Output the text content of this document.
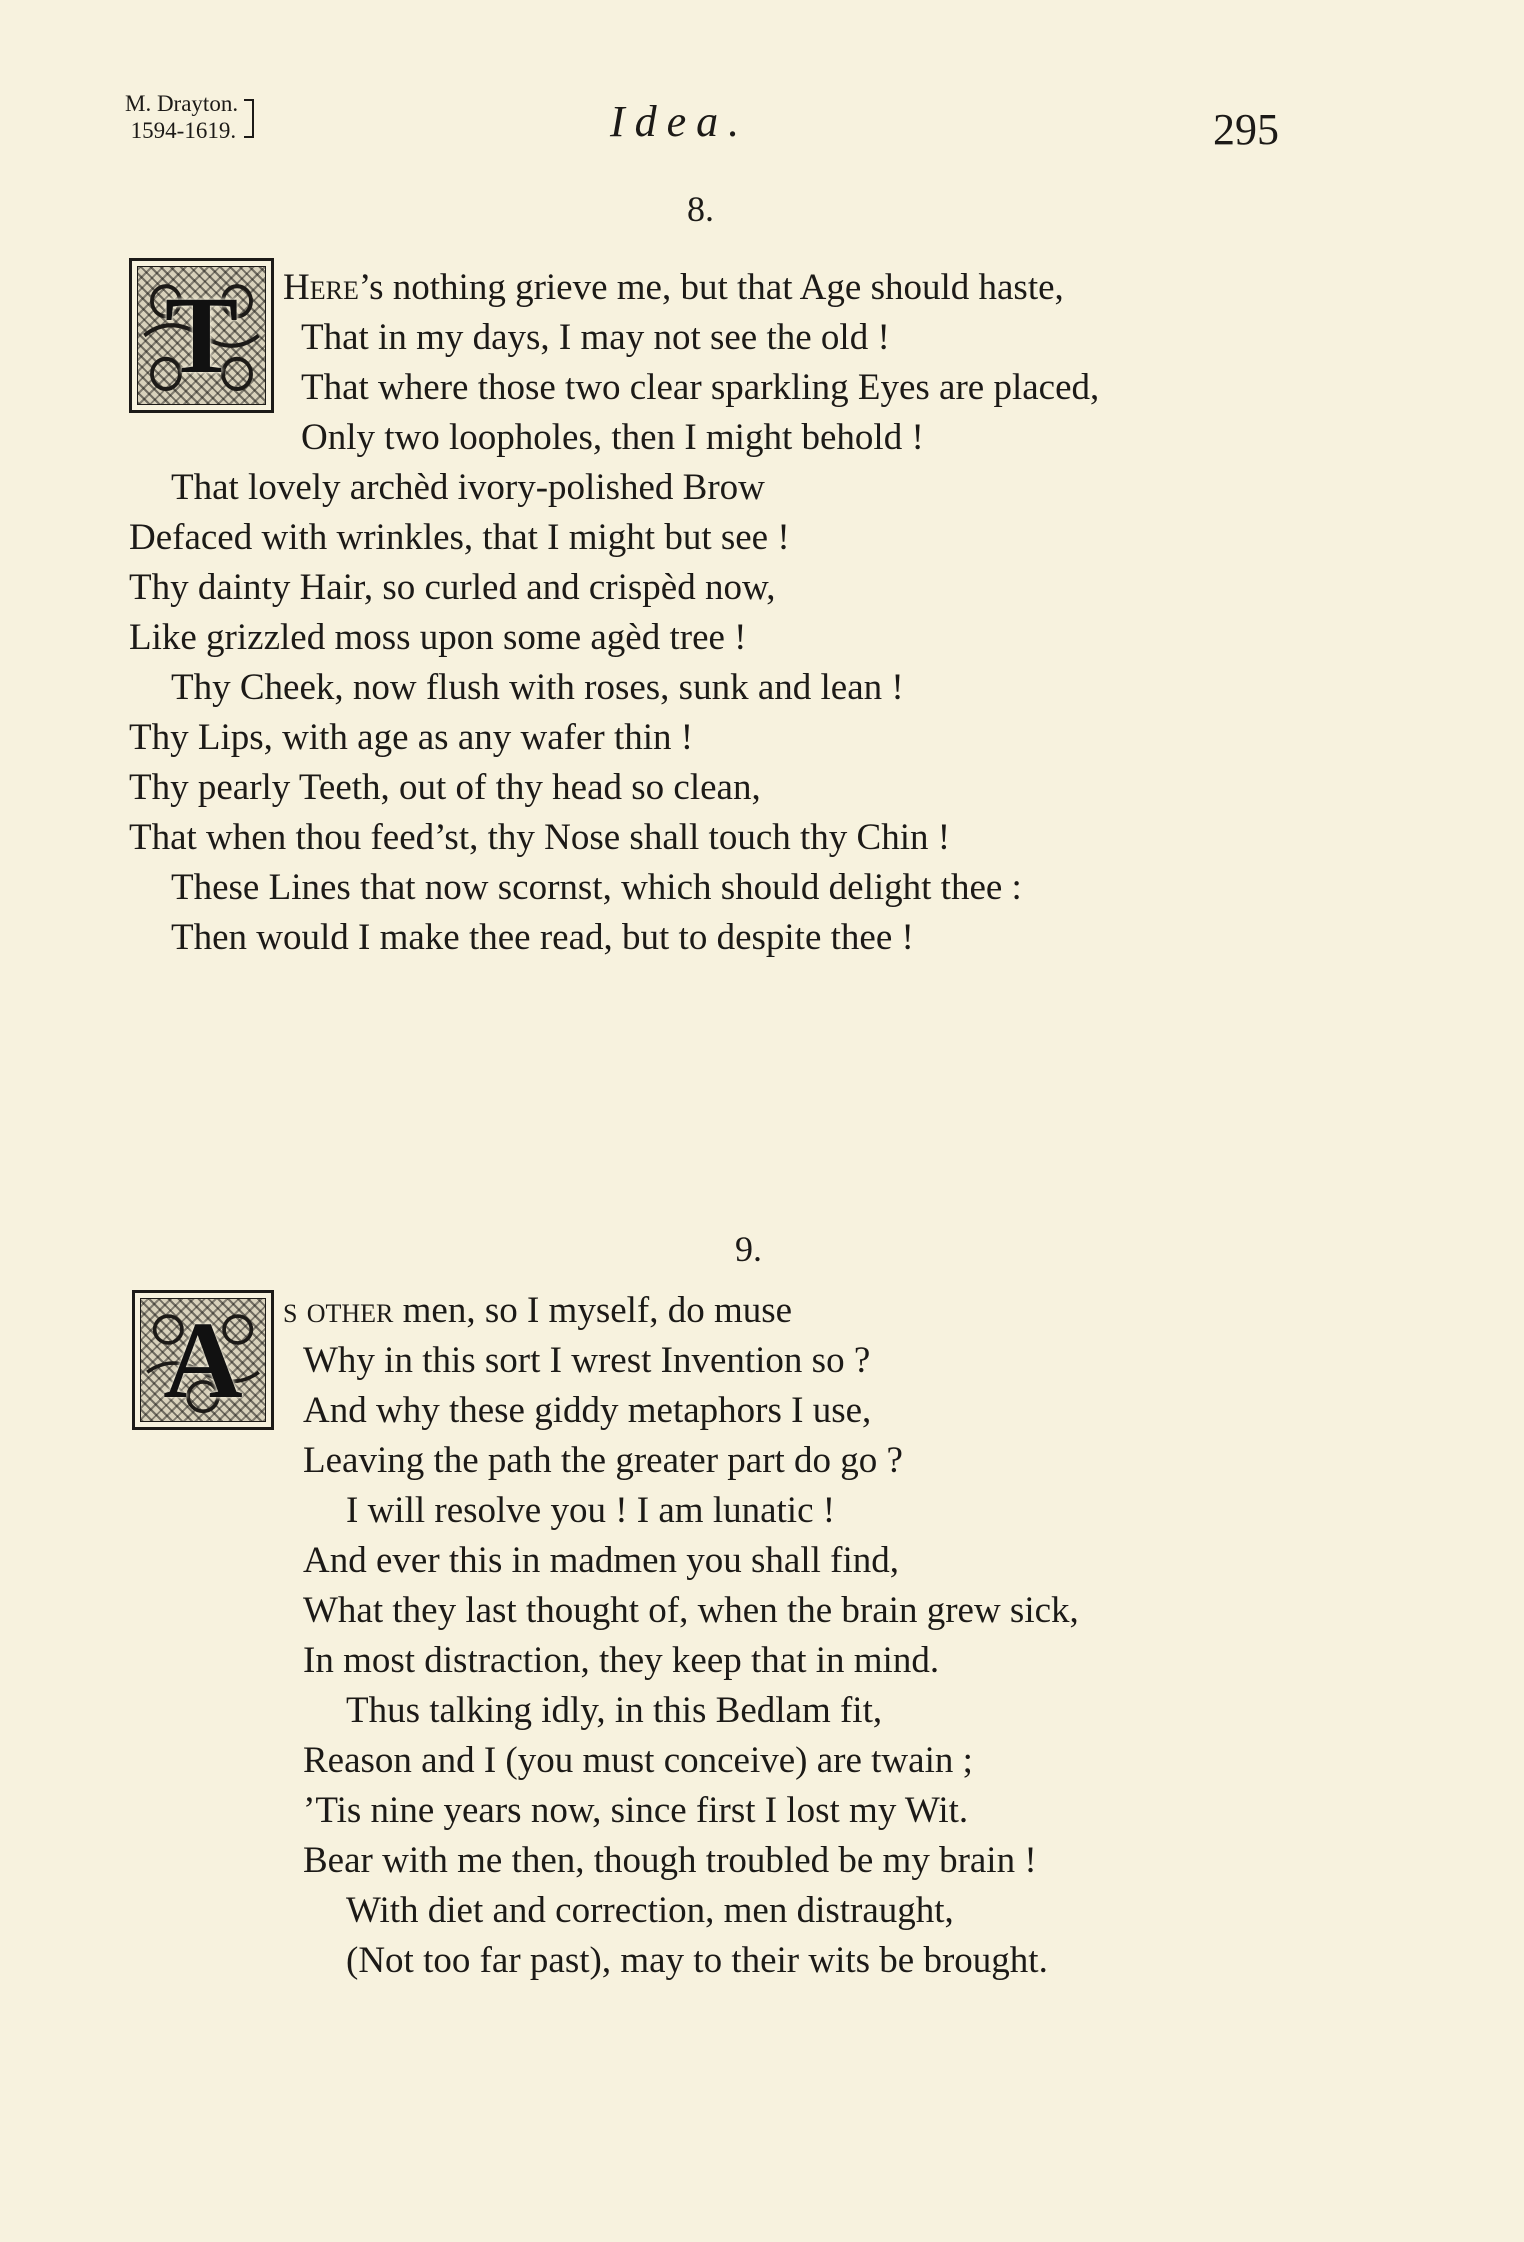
M. Drayton.
1594-1619.	Idea.	295
8.
T	Here’s nothing grieve me, but that Age should haste,
That in my days, I may not see the old !
That where those two clear sparkling Eyes are placed,
Only two loopholes, then I might behold !
That lovely archèd ivory-polished Brow
Defaced with wrinkles, that I might but see !
Thy dainty Hair, so curled and crispèd now,
Like grizzled moss upon some agèd tree !
Thy Cheek, now flush with roses, sunk and lean !
Thy Lips, with age as any wafer thin !
Thy pearly Teeth, out of thy head so clean,
That when thou feed’st, thy Nose shall touch thy Chin !
These Lines that now scornst, which should delight thee :
Then would I make thee read, but to despite thee !
9.
A	s other men, so I myself, do muse
Why in this sort I wrest Invention so ?
And why these giddy metaphors I use,
Leaving the path the greater part do go ?
I will resolve you ! I am lunatic !
And ever this in madmen you shall find,
What they last thought of, when the brain grew sick,
In most distraction, they keep that in mind.
Thus talking idly, in this Bedlam fit,
Reason and I (you must conceive) are twain ;
’Tis nine years now, since first I lost my Wit.
Bear with me then, though troubled be my brain !
With diet and correction, men distraught,
(Not too far past), may to their wits be brought.
